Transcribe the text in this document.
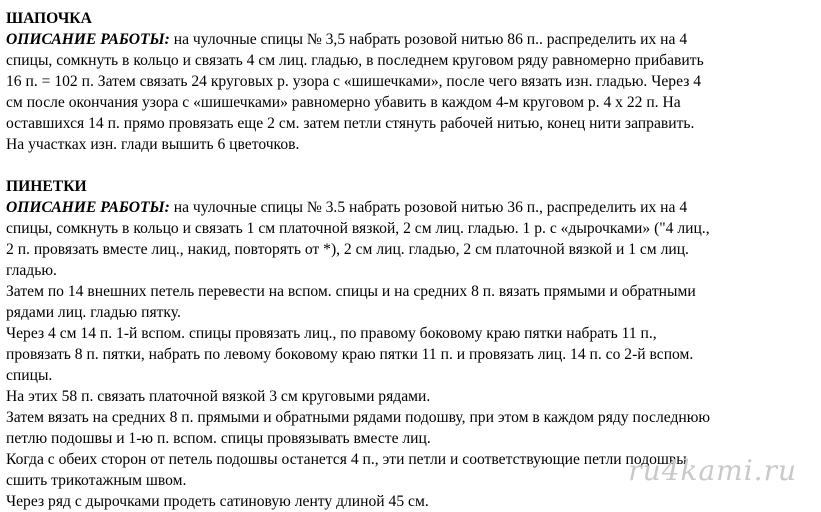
ШАПОЧКА

ОПИСАНИЕ РАБОТЫ: на чулочные спицы № 3,5 набрать розовой нитью 86 п.. распределить их на 4

спицы, сомкнуть в кольцо и связать 4 см лиц. гладью, в последнем круговом ряду равномерно прибавить

16 п. = 102 п. Затем связать 24 круговых р. узора с «шишечками», после чего вязать изн. гладью. Через 4

см после окончания узора с «шишечками» равномерно убавить в каждом 4-м круговом р. 4 х 22 п. На

оставшихся 14 п. прямо провязать еще 2 см. затем петли стянуть рабочей нитью, конец нити заправить.

На участках изн. глади вышить 6 цветочков.

ПИНЕТКИ

ОПИСАНИЕ РАБОТЫ: на чулочные спицы № 3.5 набрать розовой нитью 36 п., распределить их на 4

спицы, сомкнуть в кольцо и связать 1 см платочной вязкой, 2 см лиц. гладью. 1 р. с «дырочками» ("4 лиц.,

2 п. провязать вместе лиц., накид, повторять от *), 2 см лиц. гладью, 2 см платочной вязкой и 1 см лиц.

гладью.

Затем по 14 внешних петель перевести на вспом. спицы и на средних 8 п. вязать прямыми и обратными

рядами лиц. гладью пятку.

Через 4 см 14 п. 1-й вспом. спицы провязать лиц., по правому боковому краю пятки набрать 11 п.,

провязать 8 п. пятки, набрать по левому боковому краю пятки 11 п. и провязать лиц. 14 п. со 2-й вспом.

спицы.

На этих 58 п. связать платочной вязкой 3 см круговыми рядами.

Затем вязать на средних 8 п. прямыми и обратными рядами подошву, при этом в каждом ряду последнюю

петлю подошвы и 1-ю п. вспом. спицы провязывать вместе лиц.

Когда с обеих сторон от петель подошвы останется 4 п., эти петли и соответствующие петли подошвы

сшить трикотажным швом.

Через ряд с дырочками продеть сатиновую ленту длиной 45 см.

ru4kami.ru
